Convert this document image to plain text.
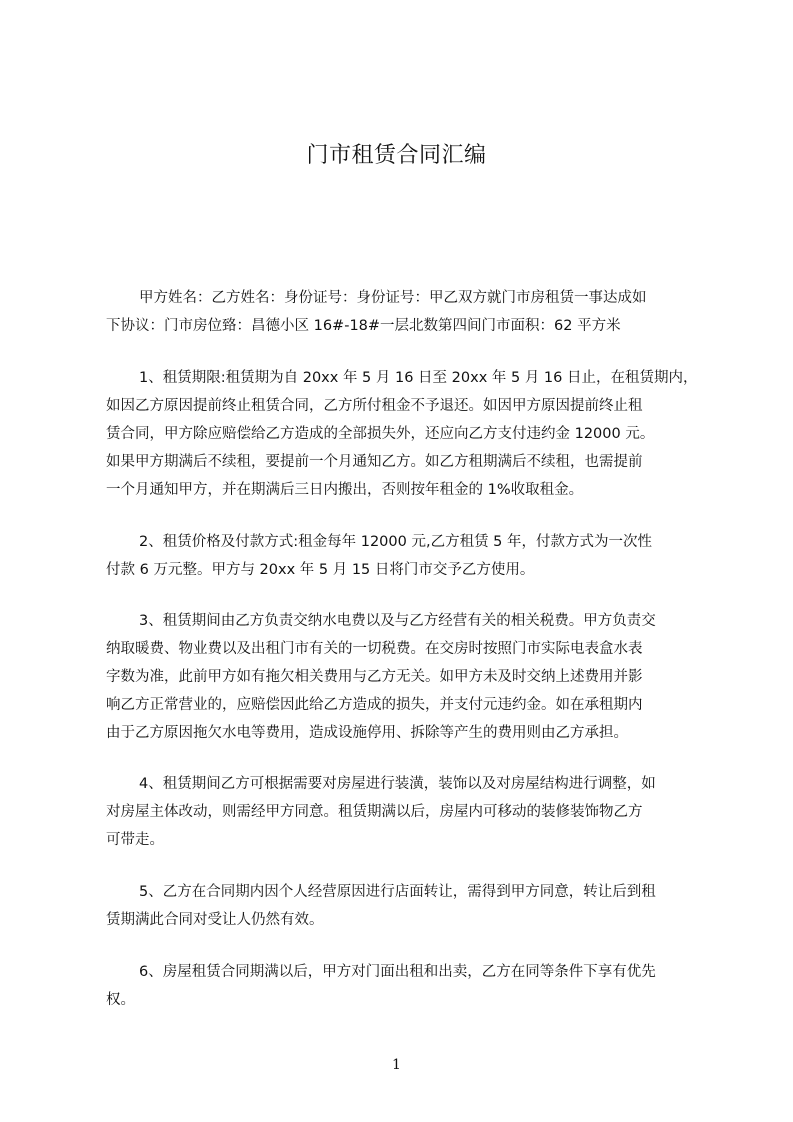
门市租赁合同汇编
甲方姓名：乙方姓名：身份证号：身份证号：甲乙双方就门市房租赁一事达成如
下协议：门市房位臵：昌德小区 16#-18#一层北数第四间门市面积：62 平方米
1、租赁期限:租赁期为自 20xx 年 5 月 16 日至 20xx 年 5 月 16 日止，在租赁期内，
如因乙方原因提前终止租赁合同，乙方所付租金不予退还。如因甲方原因提前终止租
赁合同，甲方除应赔偿给乙方造成的全部损失外，还应向乙方支付违约金 12000 元。
如果甲方期满后不续租，要提前一个月通知乙方。如乙方租期满后不续租，也需提前
一个月通知甲方，并在期满后三日内搬出，否则按年租金的 1%收取租金。
2、租赁价格及付款方式:租金每年 12000 元,乙方租赁 5 年，付款方式为一次性
付款 6 万元整。甲方与 20xx 年 5 月 15 日将门市交予乙方使用。
3、租赁期间由乙方负责交纳水电费以及与乙方经营有关的相关税费。甲方负责交
纳取暖费、物业费以及出租门市有关的一切税费。在交房时按照门市实际电表盒水表
字数为准，此前甲方如有拖欠相关费用与乙方无关。如甲方未及时交纳上述费用并影
响乙方正常营业的，应赔偿因此给乙方造成的损失，并支付元违约金。如在承租期内
由于乙方原因拖欠水电等费用，造成设施停用、拆除等产生的费用则由乙方承担。
4、租赁期间乙方可根据需要对房屋进行装潢，装饰以及对房屋结构进行调整，如
对房屋主体改动，则需经甲方同意。租赁期满以后，房屋内可移动的装修装饰物乙方
可带走。
5、乙方在合同期内因个人经营原因进行店面转让，需得到甲方同意，转让后到租
赁期满此合同对受让人仍然有效。
6、房屋租赁合同期满以后，甲方对门面出租和出卖，乙方在同等条件下享有优先
权。
1
